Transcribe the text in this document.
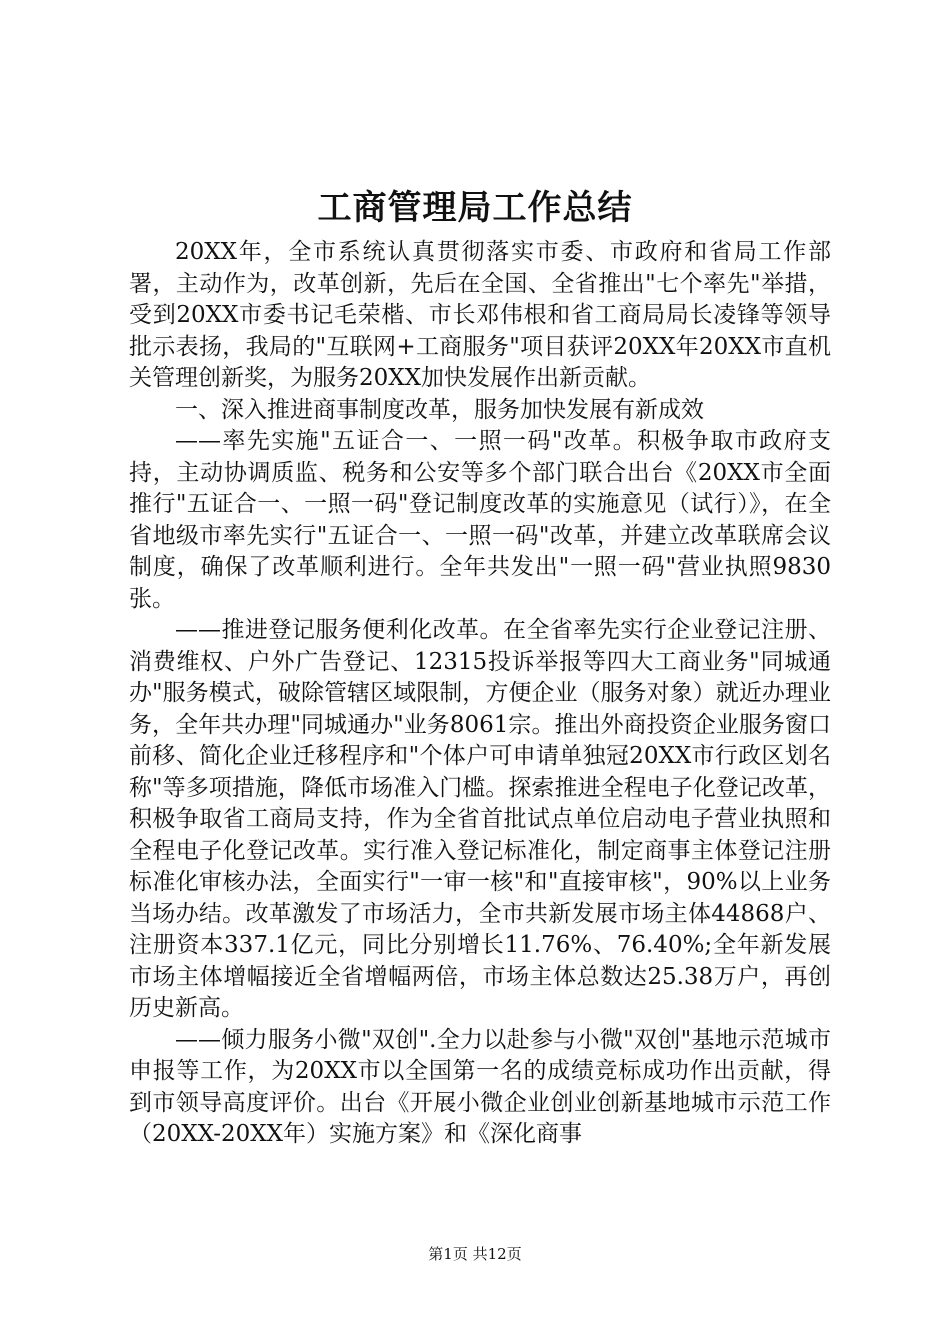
工商管理局工作总结

20XX年，全市系统认真贯彻落实市委、市政府和省局工作部署，主动作为，改革创新，先后在全国、全省推出"七个率先"举措，受到20XX市委书记毛荣楷、市长邓伟根和省工商局局长凌锋等领导批示表扬，我局的"互联网+工商服务"项目获评20XX年20XX市直机关管理创新奖，为服务20XX加快发展作出新贡献。

一、深入推进商事制度改革，服务加快发展有新成效

——率先实施"五证合一、一照一码"改革。积极争取市政府支持，主动协调质监、税务和公安等多个部门联合出台《20XX市全面推行"五证合一、一照一码"登记制度改革的实施意见（试行）》，在全省地级市率先实行"五证合一、一照一码"改革，并建立改革联席会议制度，确保了改革顺利进行。全年共发出"一照一码"营业执照9830张。

——推进登记服务便利化改革。在全省率先实行企业登记注册、消费维权、户外广告登记、12315投诉举报等四大工商业务"同城通办"服务模式，破除管辖区域限制，方便企业（服务对象）就近办理业务，全年共办理"同城通办"业务8061宗。推出外商投资企业服务窗口前移、简化企业迁移程序和"个体户可申请单独冠20XX市行政区划名称"等多项措施，降低市场准入门槛。探索推进全程电子化登记改革，积极争取省工商局支持，作为全省首批试点单位启动电子营业执照和全程电子化登记改革。实行准入登记标准化，制定商事主体登记注册标准化审核办法，全面实行"一审一核"和"直接审核"，90%以上业务当场办结。改革激发了市场活力，全市共新发展市场主体44868户、注册资本337.1亿元，同比分别增长11.76%、76.40%;全年新发展市场主体增幅接近全省增幅两倍，市场主体总数达25.38万户，再创历史新高。

——倾力服务小微"双创".全力以赴参与小微"双创"基地示范城市申报等工作，为20XX市以全国第一名的成绩竞标成功作出贡献，得到市领导高度评价。出台《开展小微企业创业创新基地城市示范工作（20XX-20XX年）实施方案》和《深化商事

第1页 共12页
